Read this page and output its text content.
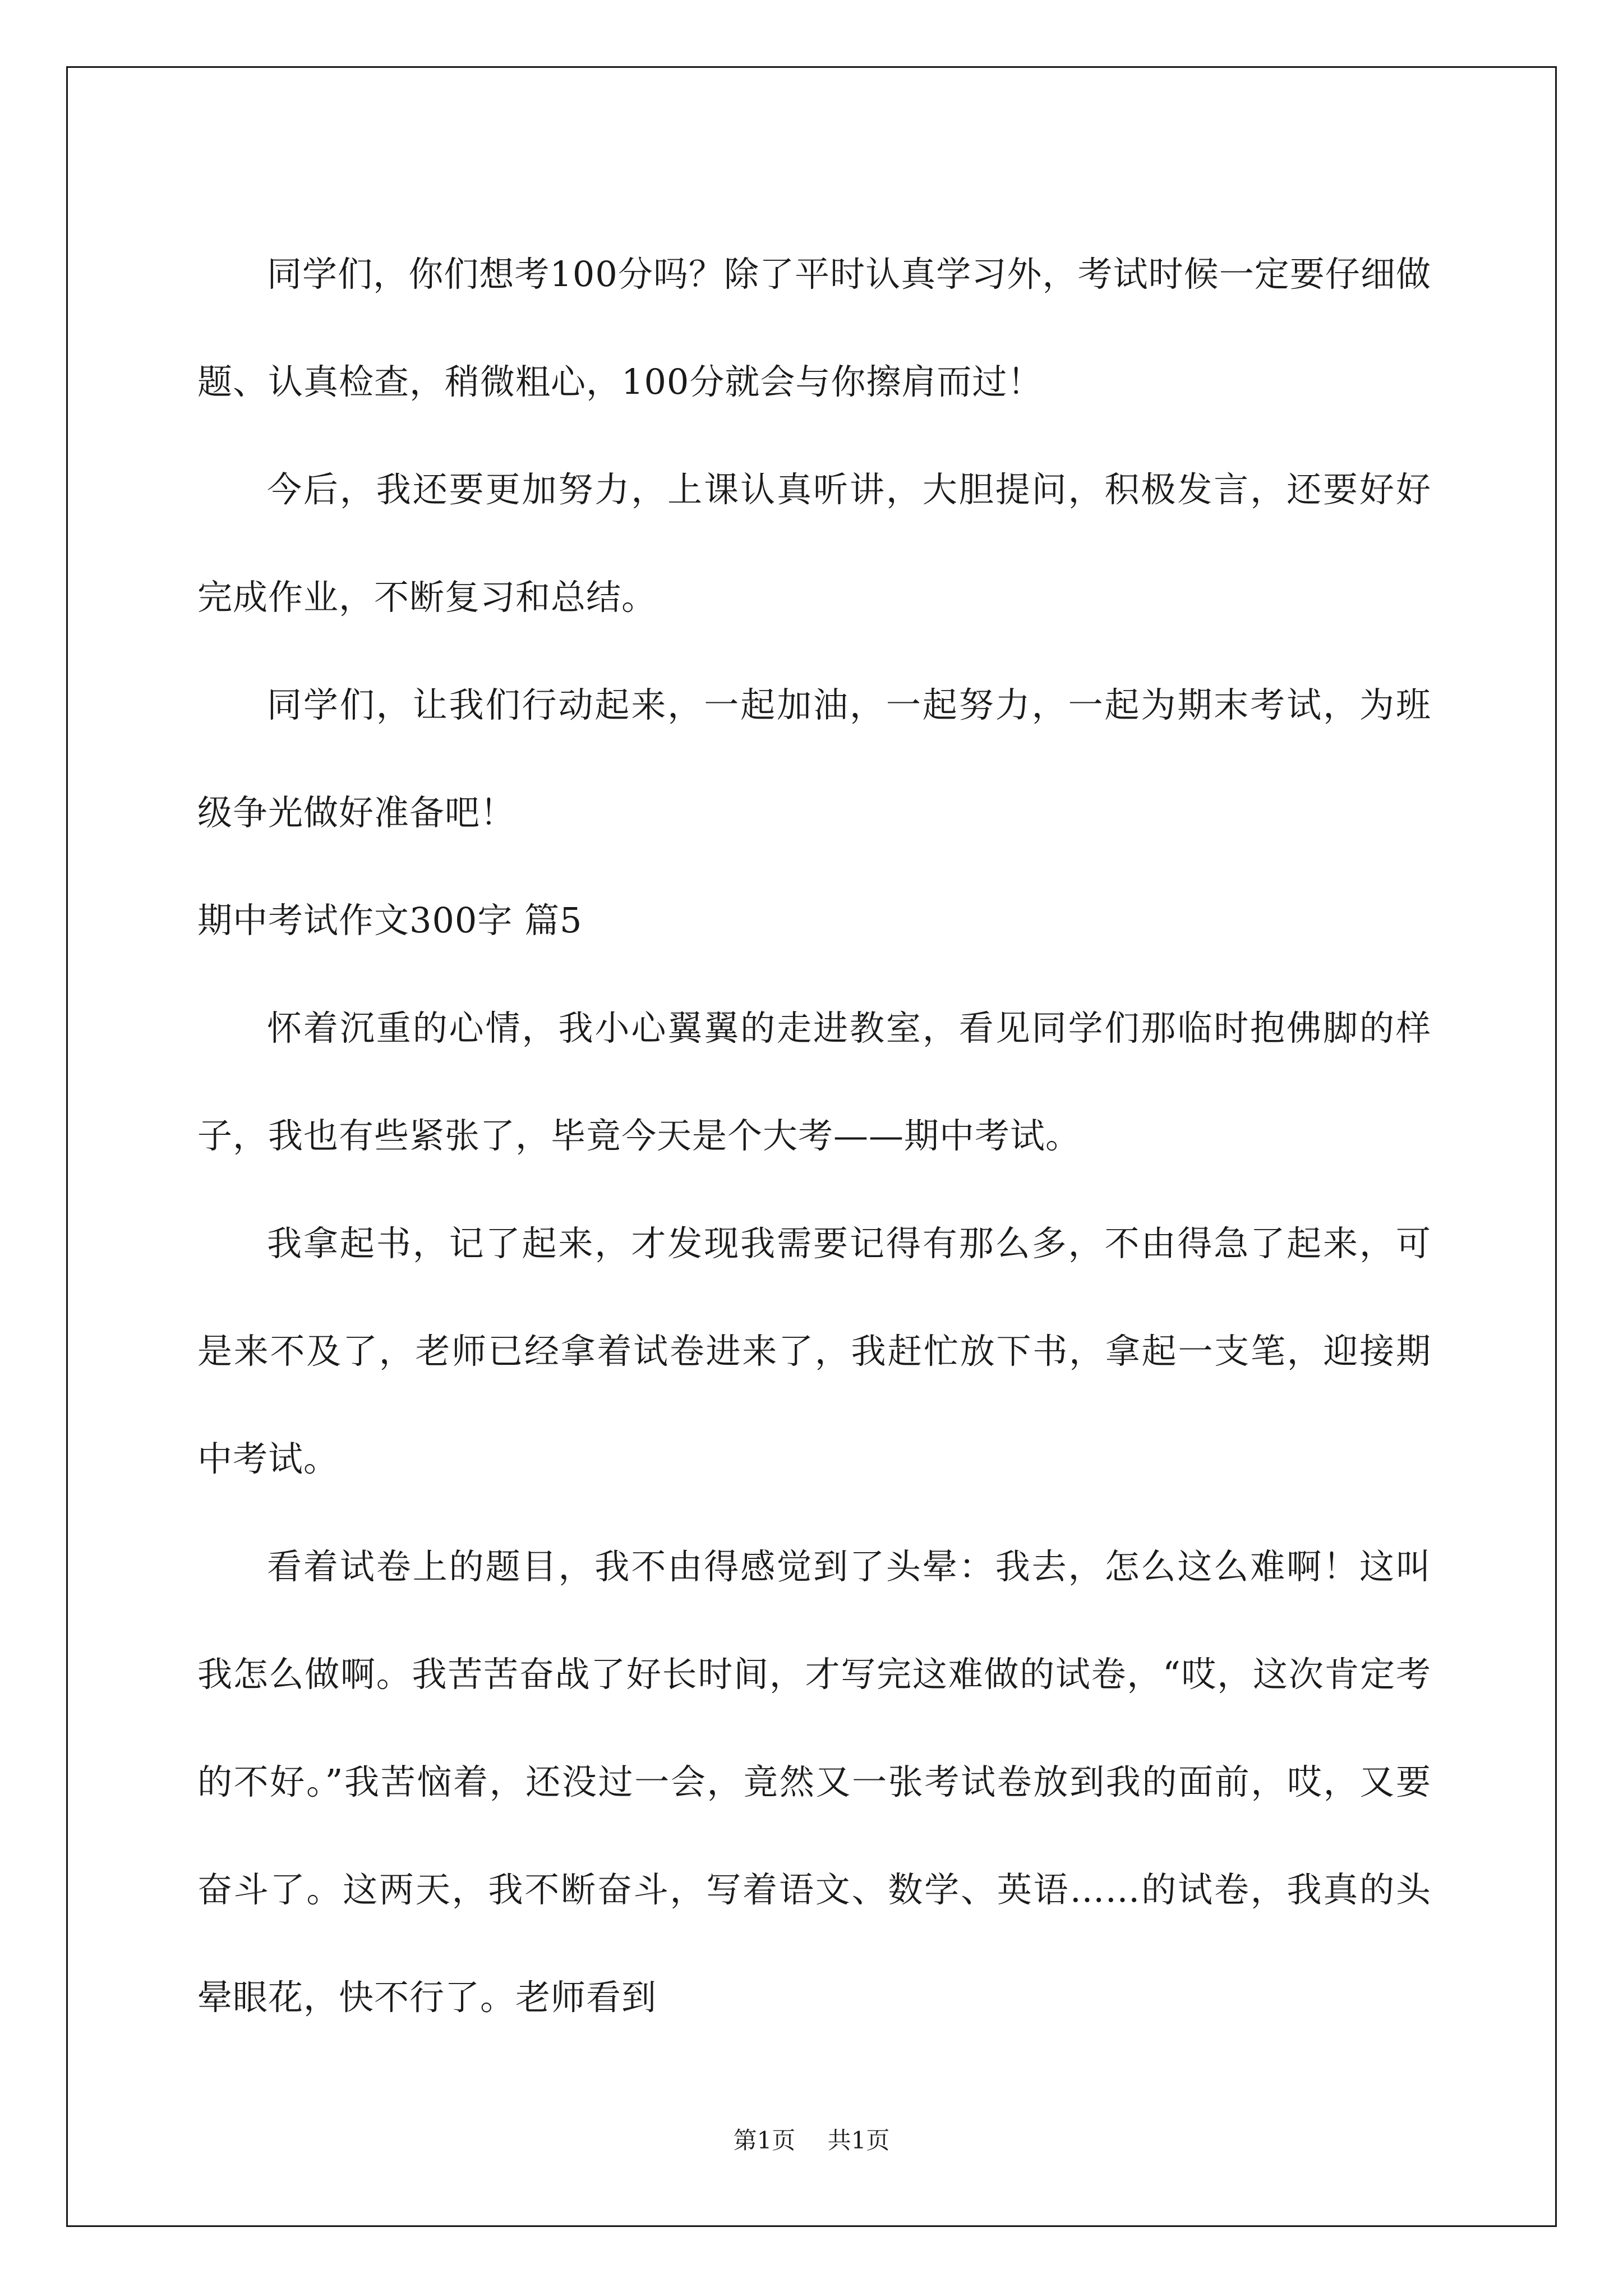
同学们，你们想考100分吗？除了平时认真学习外，考试时候一定要仔细做题、认真检查，稍微粗心，100分就会与你擦肩而过！

今后，我还要更加努力，上课认真听讲，大胆提问，积极发言，还要好好完成作业，不断复习和总结。

同学们，让我们行动起来，一起加油，一起努力，一起为期末考试，为班级争光做好准备吧！

期中考试作文300字 篇5

怀着沉重的心情，我小心翼翼的走进教室，看见同学们那临时抱佛脚的样子，我也有些紧张了，毕竟今天是个大考——期中考试。

我拿起书，记了起来，才发现我需要记得有那么多，不由得急了起来，可是来不及了，老师已经拿着试卷进来了，我赶忙放下书，拿起一支笔，迎接期中考试。

看着试卷上的题目，我不由得感觉到了头晕：我去，怎么这么难啊！这叫我怎么做啊。我苦苦奋战了好长时间，才写完这难做的试卷，“哎，这次肯定考的不好。”我苦恼着，还没过一会，竟然又一张考试卷放到我的面前，哎，又要奋斗了。这两天，我不断奋斗，写着语文、数学、英语……的试卷，我真的头晕眼花，快不行了。老师看到

第1页 共1页
